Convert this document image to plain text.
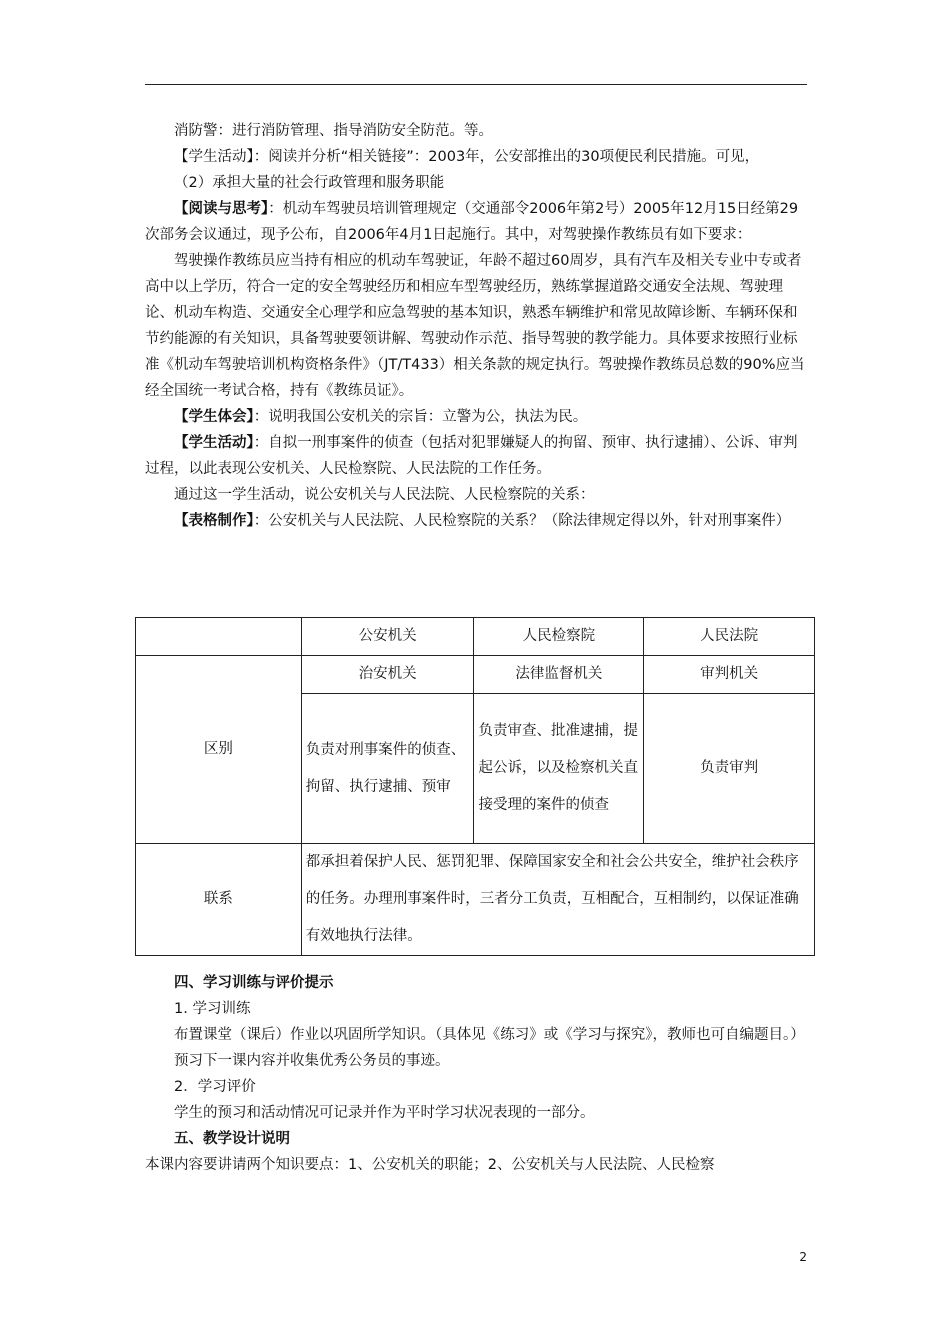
消防警：进行消防管理、指导消防安全防范。等。

【学生活动】：阅读并分析“相关链接”：2003年，公安部推出的30项便民利民措施。可见，

（2）承担大量的社会行政管理和服务职能

【阅读与思考】：机动车驾驶员培训管理规定（交通部令2006年第2号）2005年12月15日经第29次部务会议通过，现予公布，自2006年4月1日起施行。其中，对驾驶操作教练员有如下要求：

驾驶操作教练员应当持有相应的机动车驾驶证，年龄不超过60周岁，具有汽车及相关专业中专或者高中以上学历，符合一定的安全驾驶经历和相应车型驾驶经历，熟练掌握道路交通安全法规、驾驶理论、机动车构造、交通安全心理学和应急驾驶的基本知识，熟悉车辆维护和常见故障诊断、车辆环保和节约能源的有关知识，具备驾驶要领讲解、驾驶动作示范、指导驾驶的教学能力。具体要求按照行业标准《机动车驾驶培训机构资格条件》（JT/T433）相关条款的规定执行。驾驶操作教练员总数的90%应当经全国统一考试合格，持有《教练员证》。

【学生体会】：说明我国公安机关的宗旨：立警为公，执法为民。

【学生活动】：自拟一刑事案件的侦查（包括对犯罪嫌疑人的拘留、预审、执行逮捕）、公诉、审判过程，以此表现公安机关、人民检察院、人民法院的工作任务。

通过这一学生活动，说公安机关与人民法院、人民检察院的关系：

【表格制作】：公安机关与人民法院、人民检察院的关系？（除法律规定得以外，针对刑事案件）

	公安机关	人民检察院	人民法院
区别	治安机关	法律监督机关	审判机关
	负责对刑事案件的侦查、拘留、执行逮捕、预审	负责审查、批准逮捕，提起公诉，以及检察机关直接受理的案件的侦查	负责审判
联系	都承担着保护人民、惩罚犯罪、保障国家安全和社会公共安全，维护社会秩序的任务。办理刑事案件时，三者分工负责，互相配合，互相制约，以保证准确有效地执行法律。		

四、学习训练与评价提示

1. 学习训练

布置课堂（课后）作业以巩固所学知识。（具体见《练习》或《学习与探究》，教师也可自编题目。）

预习下一课内容并收集优秀公务员的事迹。

2．学习评价

学生的预习和活动情况可记录并作为平时学习状况表现的一部分。

五、教学设计说明

本课内容要讲请两个知识要点：1、公安机关的职能；2、公安机关与人民法院、人民检察

2
